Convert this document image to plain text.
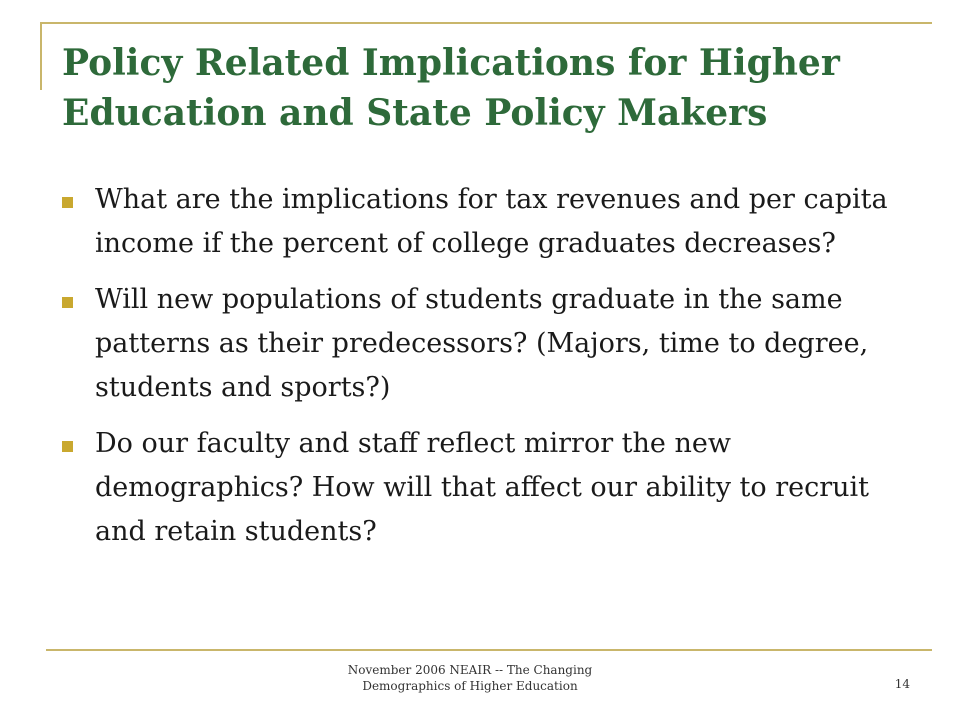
Policy Related Implications for Higher Education and State Policy Makers
What are the implications for tax revenues and per capita income if the percent of college graduates decreases?
Will new populations of students graduate in the same patterns as their predecessors? (Majors, time to degree, students and sports?)
Do our faculty and staff reflect mirror the new demographics? How will that affect our ability to recruit and retain students?
November 2006 NEAIR -- The Changing
Demographics of Higher Education	14
